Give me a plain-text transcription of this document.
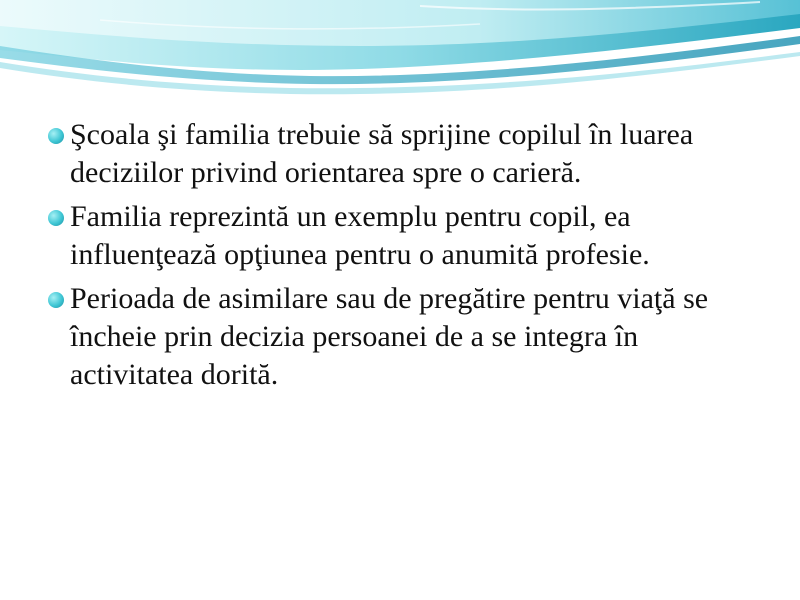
Şcoala şi familia trebuie să sprijine copilul în luarea deciziilor privind orientarea spre o carieră.
Familia reprezintă un exemplu pentru copil, ea influenţează opţiunea pentru o anumită profesie.
Perioada de asimilare sau de pregătire pentru viaţă se încheie prin decizia persoanei de a se integra în activitatea dorită.
